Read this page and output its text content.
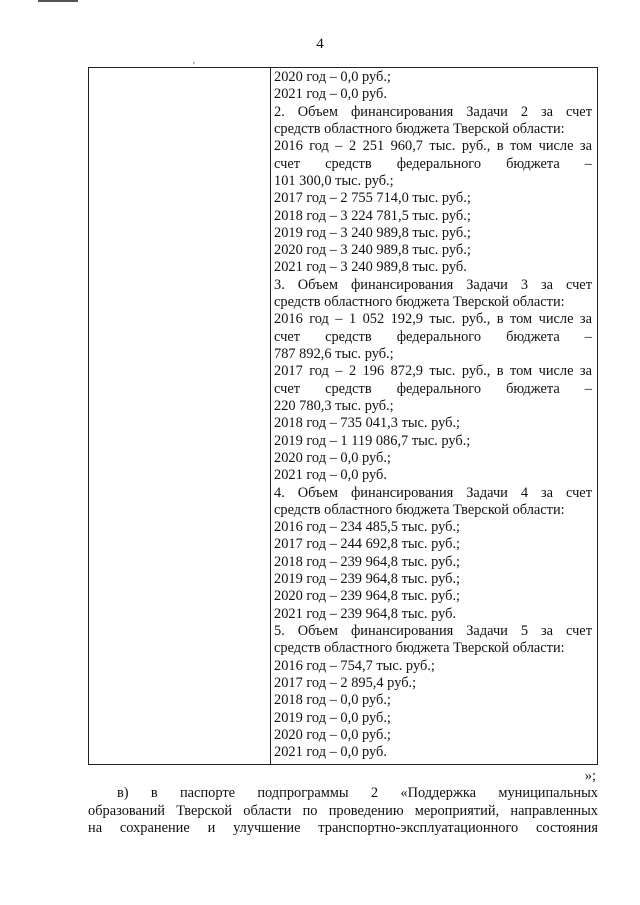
4
'
2020 год – 0,0 руб.;
2021 год – 0,0 руб.
2. Объем финансирования Задачи 2 за счет
средств областного бюджета Тверской области:
2016 год – 2 251 960,7 тыс. руб., в том числе за
счет средств федерального бюджета –
101 300,0 тыс. руб.;
2017 год – 2 755 714,0 тыс. руб.;
2018 год – 3 224 781,5 тыс. руб.;
2019 год – 3 240 989,8 тыс. руб.;
2020 год – 3 240 989,8 тыс. руб.;
2021 год – 3 240 989,8 тыс. руб.
3. Объем финансирования Задачи 3 за счет
средств областного бюджета Тверской области:
2016 год – 1 052 192,9 тыс. руб., в том числе за
счет средств федерального бюджета –
787 892,6 тыс. руб.;
2017 год – 2 196 872,9 тыс. руб., в том числе за
счет средств федерального бюджета –
220 780,3 тыс. руб.;
2018 год – 735 041,3 тыс. руб.;
2019 год – 1 119 086,7 тыс. руб.;
2020 год – 0,0 руб.;
2021 год – 0,0 руб.
4. Объем финансирования Задачи 4 за счет
средств областного бюджета Тверской области:
2016 год – 234 485,5 тыс. руб.;
2017 год – 244 692,8 тыс. руб.;
2018 год – 239 964,8 тыс. руб.;
2019 год – 239 964,8 тыс. руб.;
2020 год – 239 964,8 тыс. руб.;
2021 год – 239 964,8 тыс. руб.
5. Объем финансирования Задачи 5 за счет
средств областного бюджета Тверской области:
2016 год – 754,7 тыс. руб.;
2017 год – 2 895,4 руб.;
2018 год – 0,0 руб.;
2019 год – 0,0 руб.;
2020 год – 0,0 руб.;
2021 год – 0,0 руб.
»;
в) в паспорте подпрограммы 2 «Поддержка муниципальных
образований Тверской области по проведению мероприятий, направленных
на сохранение и улучшение транспортно-эксплуатационного состояния
